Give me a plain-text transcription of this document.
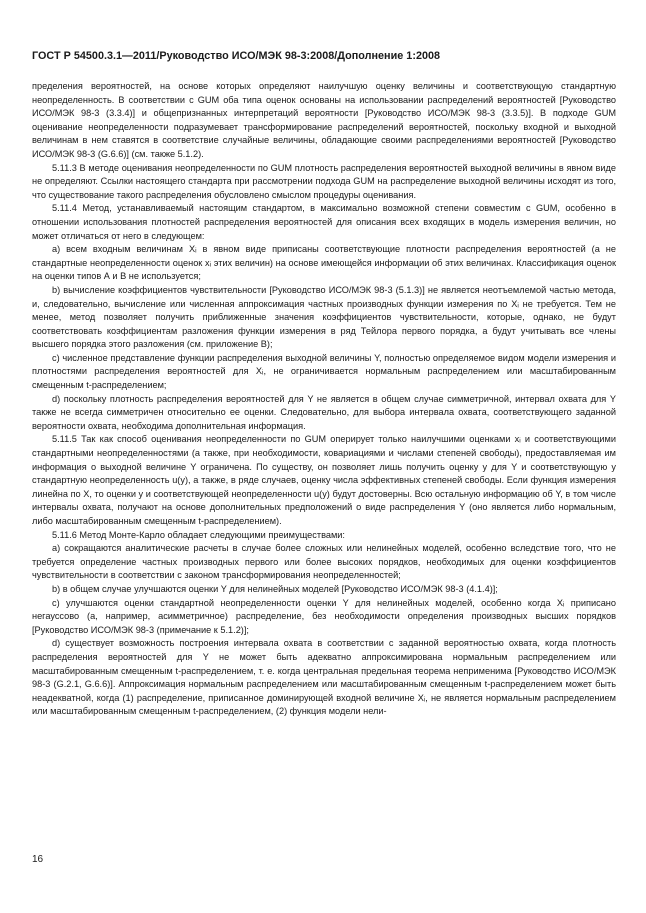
ГОСТ Р 54500.3.1—2011/Руководство ИСО/МЭК 98-3:2008/Дополнение 1:2008

пределения вероятностей, на основе которых определяют наилучшую оценку величины и соответствующую стандартную неопределенность. В соответствии с GUM оба типа оценок основаны на использовании распределений вероятностей [Руководство ИСО/МЭК 98-3 (3.3.4)] и общепризнанных интерпретаций вероятности [Руководство ИСО/МЭК 98-3 (3.3.5)]. В подходе GUM оценивание неопределенности подразумевает трансформирование распределений вероятностей, поскольку входной и выходной величинам в нем ставятся в соответствие случайные величины, обладающие своими распределениями вероятностей [Руководство ИСО/МЭК 98-3 (G.6.6)] (см. также 5.1.2).

5.11.3 В методе оценивания неопределенности по GUM плотность распределения вероятностей выходной величины в явном виде не определяют. Ссылки настоящего стандарта при рассмотрении подхода GUM на распределение выходной величины исходят из того, что существование такого распределения обусловлено смыслом процедуры оценивания.

5.11.4 Метод, устанавливаемый настоящим стандартом, в максимально возможной степени совместим с GUM, особенно в отношении использования плотностей распределения вероятностей для описания всех входящих в модель измерения величин, но может отличаться от него в следующем:

а) всем входным величинам Xᵢ в явном виде приписаны соответствующие плотности распределения вероятностей (а не стандартные неопределенности оценок xᵢ этих величин) на основе имеющейся информации об этих величинах. Классификация оценок на оценки типов А и В не используется;

b) вычисление коэффициентов чувствительности [Руководство ИСО/МЭК 98-3 (5.1.3)] не является неотъемлемой частью метода, и, следовательно, вычисление или численная аппроксимация частных производных функции измерения по Xᵢ не требуется. Тем не менее, метод позволяет получить приближенные значения коэффициентов чувствительности, которые, однако, не будут соответствовать коэффициентам разложения функции измерения в ряд Тейлора первого порядка, а будут учитывать все члены высшего порядка этого разложения (см. приложение В);

с) численное представление функции распределения выходной величины Y, полностью определяемое видом модели измерения и плотностями распределения вероятностей для Xᵢ, не ограничивается нормальным распределением или масштабированным смещенным t-распределением;

d) поскольку плотность распределения вероятностей для Y не является в общем случае симметричной, интервал охвата для Y также не всегда симметричен относительно ее оценки. Следовательно, для выбора интервала охвата, соответствующего заданной вероятности охвата, необходима дополнительная информация.

5.11.5 Так как способ оценивания неопределенности по GUM оперирует только наилучшими оценками xᵢ и соответствующими стандартными неопределенностями (а также, при необходимости, ковариациями и числами степеней свободы), предоставляемая им информация о выходной величине Y ограничена. По существу, он позволяет лишь получить оценку y для Y и соответствующую y стандартную неопределенность u(y), а также, в ряде случаев, оценку числа эффективных степеней свободы. Если функция измерения линейна по X, то оценки y и соответствующей неопределенности u(y) будут достоверны. Всю остальную информацию об Y, в том числе интервалы охвата, получают на основе дополнительных предположений о виде распределения Y (оно является либо нормальным, либо масштабированным смещенным t-распределением).

5.11.6 Метод Монте-Карло обладает следующими преимуществами:

а) сокращаются аналитические расчеты в случае более сложных или нелинейных моделей, особенно вследствие того, что не требуется определение частных производных первого или более высоких порядков, необходимых для оценки коэффициентов чувствительности в соответствии с законом трансформирования неопределенностей;

b) в общем случае улучшаются оценки Y для нелинейных моделей [Руководство ИСО/МЭК 98-3 (4.1.4)];

с) улучшаются оценки стандартной неопределенности оценки Y для нелинейных моделей, особенно когда Xᵢ приписано негауссово (а, например, асимметричное) распределение, без необходимости определения производных высших порядков [Руководство ИСО/МЭК 98-3 (примечание к 5.1.2)];

d) существует возможность построения интервала охвата в соответствии с заданной вероятностью охвата, когда плотность распределения вероятностей для Y не может быть адекватно аппроксимирована нормальным распределением или масштабированным смещенным t-распределением, т. е. когда центральная предельная теорема неприменима [Руководство ИСО/МЭК 98-3 (G.2.1, G.6.6)]. Аппроксимация нормальным распределением или масштабированным смещенным t-распределением может быть неадекватной, когда (1) распределение, приписанное доминирующей входной величине Xᵢ, не является нормальным распределением или масштабированным смещенным t-распределением, (2) функция модели нели-

16
